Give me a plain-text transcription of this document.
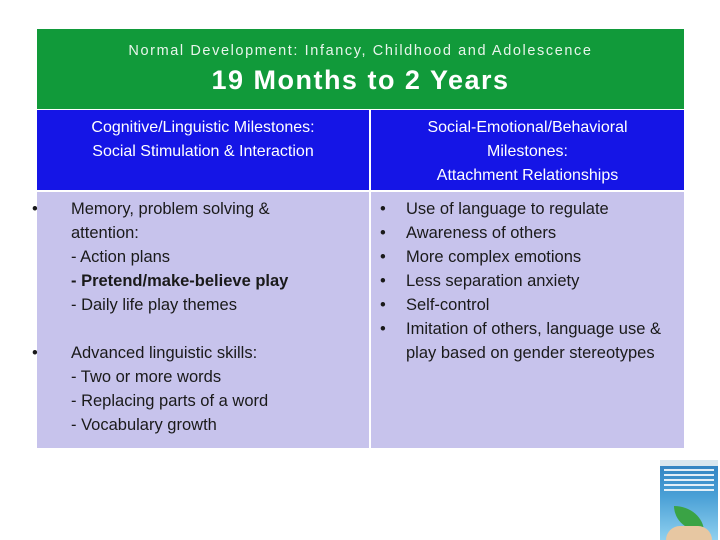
Normal Development: Infancy, Childhood and Adolescence
19 Months to 2 Years
Cognitive/Linguistic Milestones:
Social Stimulation & Interaction
Social-Emotional/Behavioral
Milestones:
Attachment Relationships
• Memory, problem solving &
attention:
- Action plans
- Pretend/make-believe play
- Daily life play themes
• Advanced linguistic skills:
- Two or more words
- Replacing parts of a word
- Vocabulary growth
• Use of language to regulate
• Awareness of others
• More complex emotions
• Less separation anxiety
• Self-control
• Imitation of others, language use & play based on gender stereotypes
